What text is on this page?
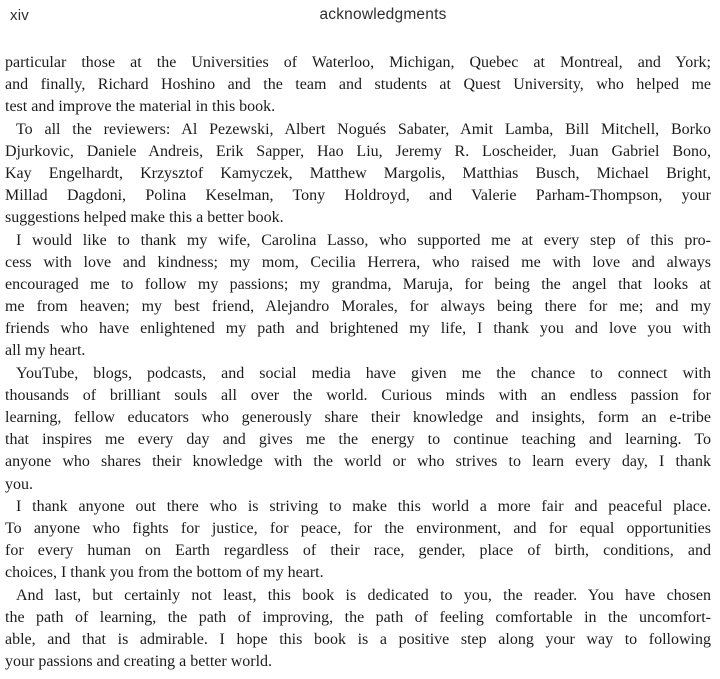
xiv	acknowledgments
particular those at the Universities of Waterloo, Michigan, Quebec at Montreal, and York;
and finally, Richard Hoshino and the team and students at Quest University, who helped me
test and improve the material in this book.
To all the reviewers: Al Pezewski, Albert Nogués Sabater, Amit Lamba, Bill Mitchell, Borko
Djurkovic, Daniele Andreis, Erik Sapper, Hao Liu, Jeremy R. Loscheider, Juan Gabriel Bono,
Kay Engelhardt, Krzysztof Kamyczek, Matthew Margolis, Matthias Busch, Michael Bright,
Millad Dagdoni, Polina Keselman, Tony Holdroyd, and Valerie Parham-Thompson, your
suggestions helped make this a better book.
I would like to thank my wife, Carolina Lasso, who supported me at every step of this pro-
cess with love and kindness; my mom, Cecilia Herrera, who raised me with love and always
encouraged me to follow my passions; my grandma, Maruja, for being the angel that looks at
me from heaven; my best friend, Alejandro Morales, for always being there for me; and my
friends who have enlightened my path and brightened my life, I thank you and love you with
all my heart.
YouTube, blogs, podcasts, and social media have given me the chance to connect with
thousands of brilliant souls all over the world. Curious minds with an endless passion for
learning, fellow educators who generously share their knowledge and insights, form an e-tribe
that inspires me every day and gives me the energy to continue teaching and learning. To
anyone who shares their knowledge with the world or who strives to learn every day, I thank
you.
I thank anyone out there who is striving to make this world a more fair and peaceful place.
To anyone who fights for justice, for peace, for the environment, and for equal opportunities
for every human on Earth regardless of their race, gender, place of birth, conditions, and
choices, I thank you from the bottom of my heart.
And last, but certainly not least, this book is dedicated to you, the reader. You have chosen
the path of learning, the path of improving, the path of feeling comfortable in the uncomfort-
able, and that is admirable. I hope this book is a positive step along your way to following
your passions and creating a better world.
